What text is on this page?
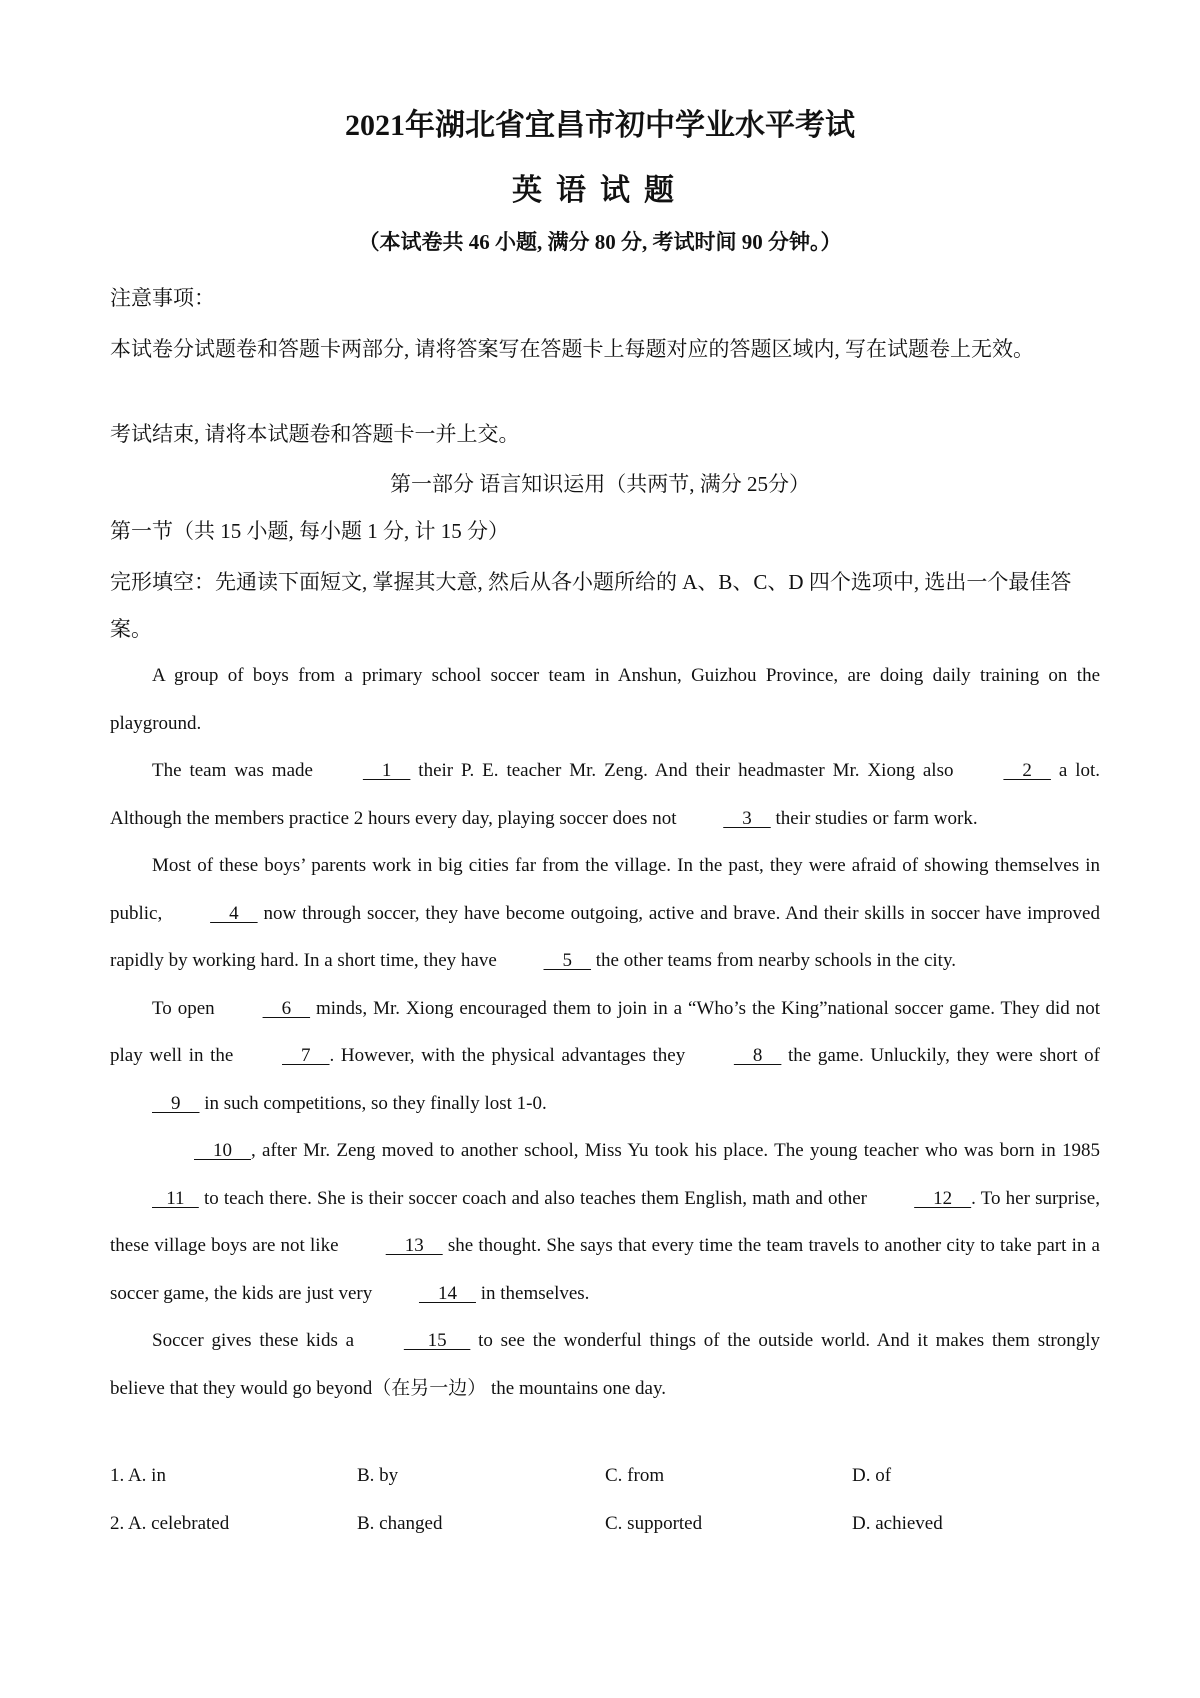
2021年湖北省宜昌市初中学业水平考试
英语试题
（本试卷共 46 小题, 满分 80 分, 考试时间 90 分钟。）
注意事项：
本试卷分试题卷和答题卡两部分, 请将答案写在答题卡上每题对应的答题区域内, 写在试题卷上无效。
考试结束, 请将本试题卷和答题卡一并上交。
第一部分 语言知识运用（共两节, 满分 25分）
第一节（共 15 小题, 每小题 1 分, 计 15 分）
完形填空：先通读下面短文, 掌握其大意, 然后从各小题所给的 A、B、C、D 四个选项中, 选出一个最佳答案。

A group of boys from a primary school soccer team in Anshun, Guizhou Province, are doing daily training on the playground.

The team was made     1     their P. E. teacher Mr. Zeng. And their headmaster Mr. Xiong also     2     a lot. Although the members practice 2 hours every day, playing soccer does not     3     their studies or farm work.

Most of these boys’ parents work in big cities far from the village. In the past, they were afraid of showing themselves in public,     4     now through soccer, they have become outgoing, active and brave. And their skills in soccer have improved rapidly by working hard. In a short time, they have     5     the other teams from nearby schools in the city.

To open     6     minds, Mr. Xiong encouraged them to join in a “Who’s the King”national soccer game. They did not play well in the     7    . However, with the physical advantages they     8     the game. Unluckily, they were short of     9     in such competitions, so they finally lost 1-0.

10    , after Mr. Zeng moved to another school, Miss Yu took his place. The young teacher who was born in 1985    11    to teach there. She is their soccer coach and also teaches them English, math and other     12    . To her surprise, these village boys are not like     13     she thought. She says that every time the team travels to another city to take part in a soccer game, the kids are just very     14     in themselves.

Soccer gives these kids a      15      to see the wonderful things of the outside world. And it makes them strongly believe that they would go beyond（在另一边） the mountains one day.

1. A. in	B. by	C. from	D. of
2. A. celebrated	B. changed	C. supported	D. achieved
